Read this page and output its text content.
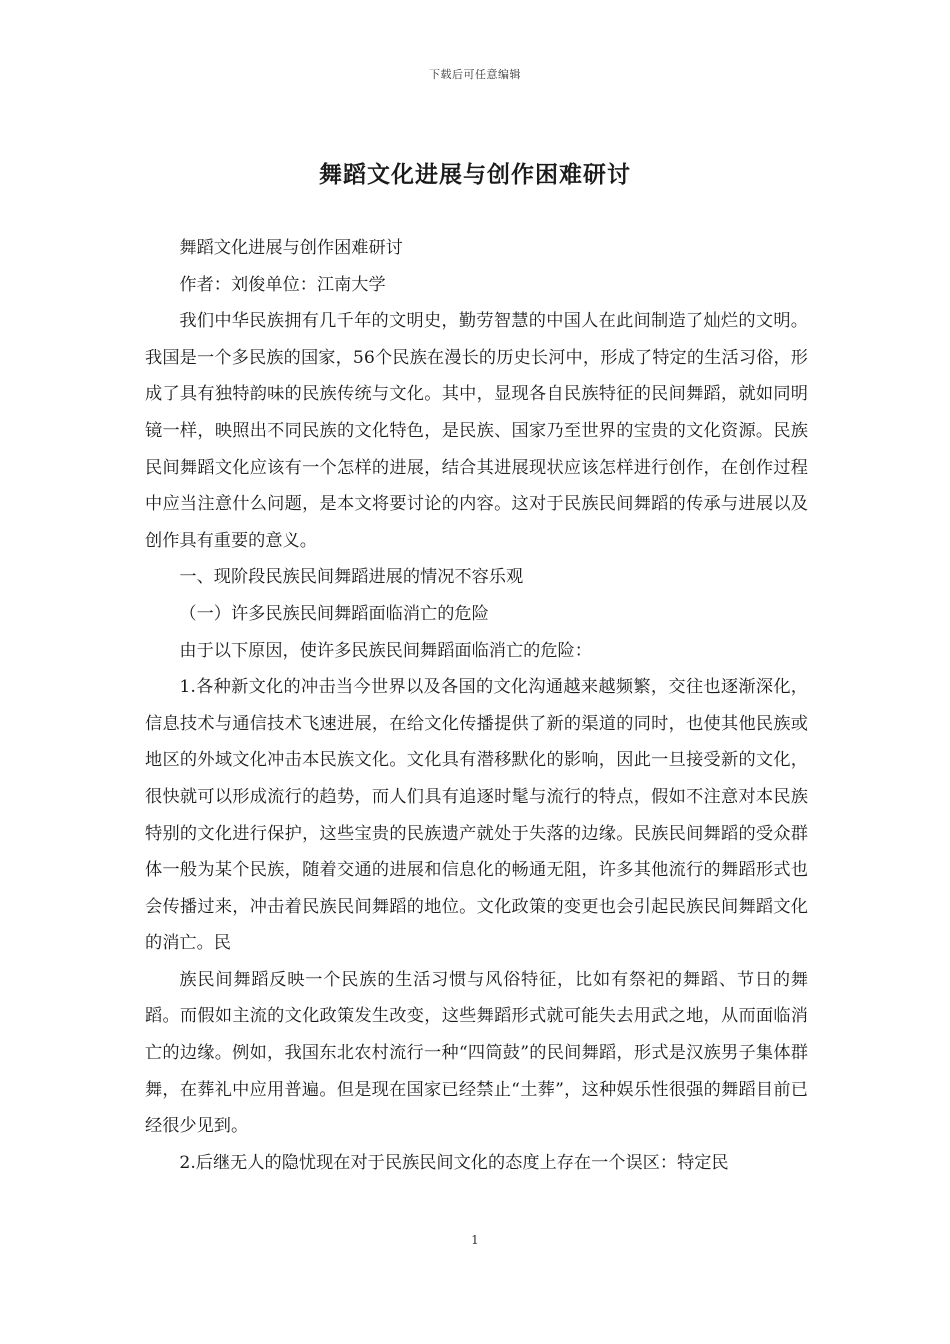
下载后可任意编辑
舞蹈文化进展与创作困难研讨

舞蹈文化进展与创作困难研讨

作者：刘俊单位：江南大学

我们中华民族拥有几千年的文明史，勤劳智慧的中国人在此间制造了灿烂的文明。我国是一个多民族的国家，56个民族在漫长的历史长河中，形成了特定的生活习俗，形成了具有独特韵味的民族传统与文化。其中，显现各自民族特征的民间舞蹈，就如同明镜一样，映照出不同民族的文化特色，是民族、国家乃至世界的宝贵的文化资源。民族民间舞蹈文化应该有一个怎样的进展，结合其进展现状应该怎样进行创作，在创作过程中应当注意什么问题，是本文将要讨论的内容。这对于民族民间舞蹈的传承与进展以及创作具有重要的意义。

一、现阶段民族民间舞蹈进展的情况不容乐观

（一）许多民族民间舞蹈面临消亡的危险

由于以下原因，使许多民族民间舞蹈面临消亡的危险：

1.各种新文化的冲击当今世界以及各国的文化沟通越来越频繁，交往也逐渐深化，信息技术与通信技术飞速进展，在给文化传播提供了新的渠道的同时，也使其他民族或地区的外域文化冲击本民族文化。文化具有潜移默化的影响，因此一旦接受新的文化，很快就可以形成流行的趋势，而人们具有追逐时髦与流行的特点，假如不注意对本民族特别的文化进行保护，这些宝贵的民族遗产就处于失落的边缘。民族民间舞蹈的受众群体一般为某个民族，随着交通的进展和信息化的畅通无阻，许多其他流行的舞蹈形式也会传播过来，冲击着民族民间舞蹈的地位。文化政策的变更也会引起民族民间舞蹈文化的消亡。民

族民间舞蹈反映一个民族的生活习惯与风俗特征，比如有祭祀的舞蹈、节日的舞蹈。而假如主流的文化政策发生改变，这些舞蹈形式就可能失去用武之地，从而面临消亡的边缘。例如，我国东北农村流行一种“四筒鼓”的民间舞蹈，形式是汉族男子集体群舞，在葬礼中应用普遍。但是现在国家已经禁止“土葬”，这种娱乐性很强的舞蹈目前已经很少见到。

2.后继无人的隐忧现在对于民族民间文化的态度上存在一个误区：特定民

1
